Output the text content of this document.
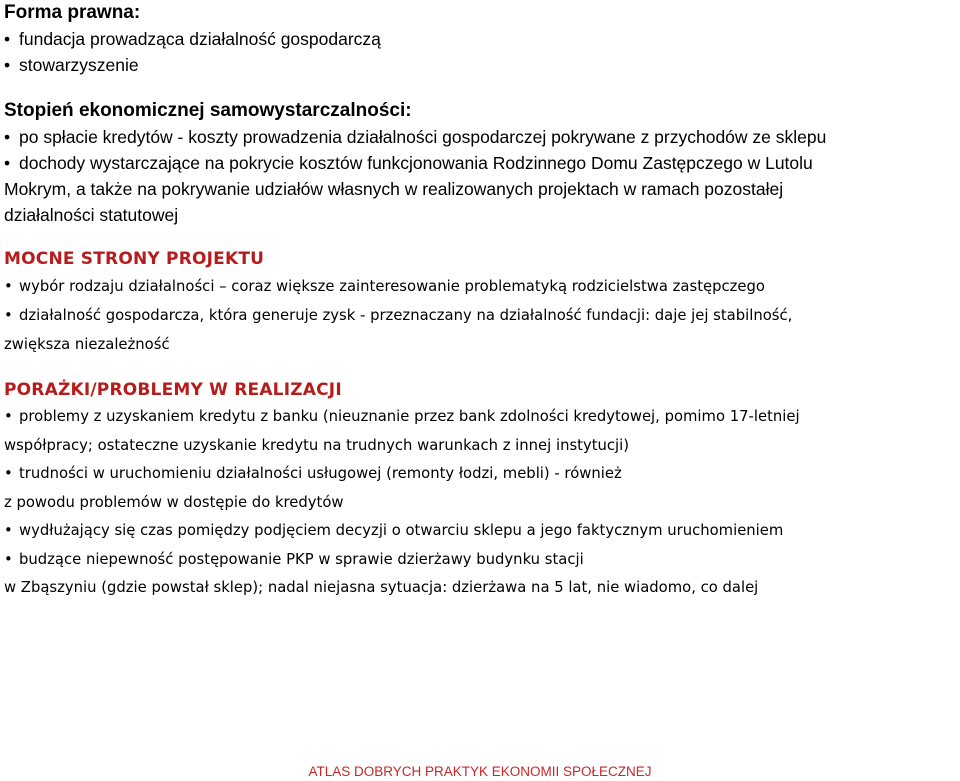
Forma prawna:
• fundacja prowadząca działalność gospodarczą
• stowarzyszenie
Stopień ekonomicznej samowystarczalności:
• po spłacie kredytów - koszty prowadzenia działalności gospodarczej pokrywane z przychodów ze sklepu
• dochody wystarczające na pokrycie kosztów funkcjonowania Rodzinnego Domu Zastępczego w Lutolu
Mokrym, a także na pokrywanie udziałów własnych w realizowanych projektach w ramach pozostałej
działalności statutowej
MOCNE STRONY PROJEKTU
• wybór rodzaju działalności – coraz większe zainteresowanie problematyką rodzicielstwa zastępczego
• działalność gospodarcza, która generuje zysk - przeznaczany na działalność fundacji: daje jej stabilność,
zwiększa niezależność
PORAŻKI/PROBLEMY W REALIZACJI
• problemy z uzyskaniem kredytu z banku (nieuznanie przez bank zdolności kredytowej, pomimo 17-letniej
współpracy; ostateczne uzyskanie kredytu na trudnych warunkach z innej instytucji)
• trudności w uruchomieniu działalności usługowej (remonty łodzi, mebli) - również
z powodu problemów w dostępie do kredytów
• wydłużający się czas pomiędzy podjęciem decyzji o otwarciu sklepu a jego faktycznym uruchomieniem
• budzące niepewność postępowanie PKP w sprawie dzierżawy budynku stacji
w Zbąszyniu (gdzie powstał sklep); nadal niejasna sytuacja: dzierżawa na 5 lat, nie wiadomo, co dalej
ATLAS DOBRYCH PRAKTYK EKONOMII SPOŁECZNEJ
